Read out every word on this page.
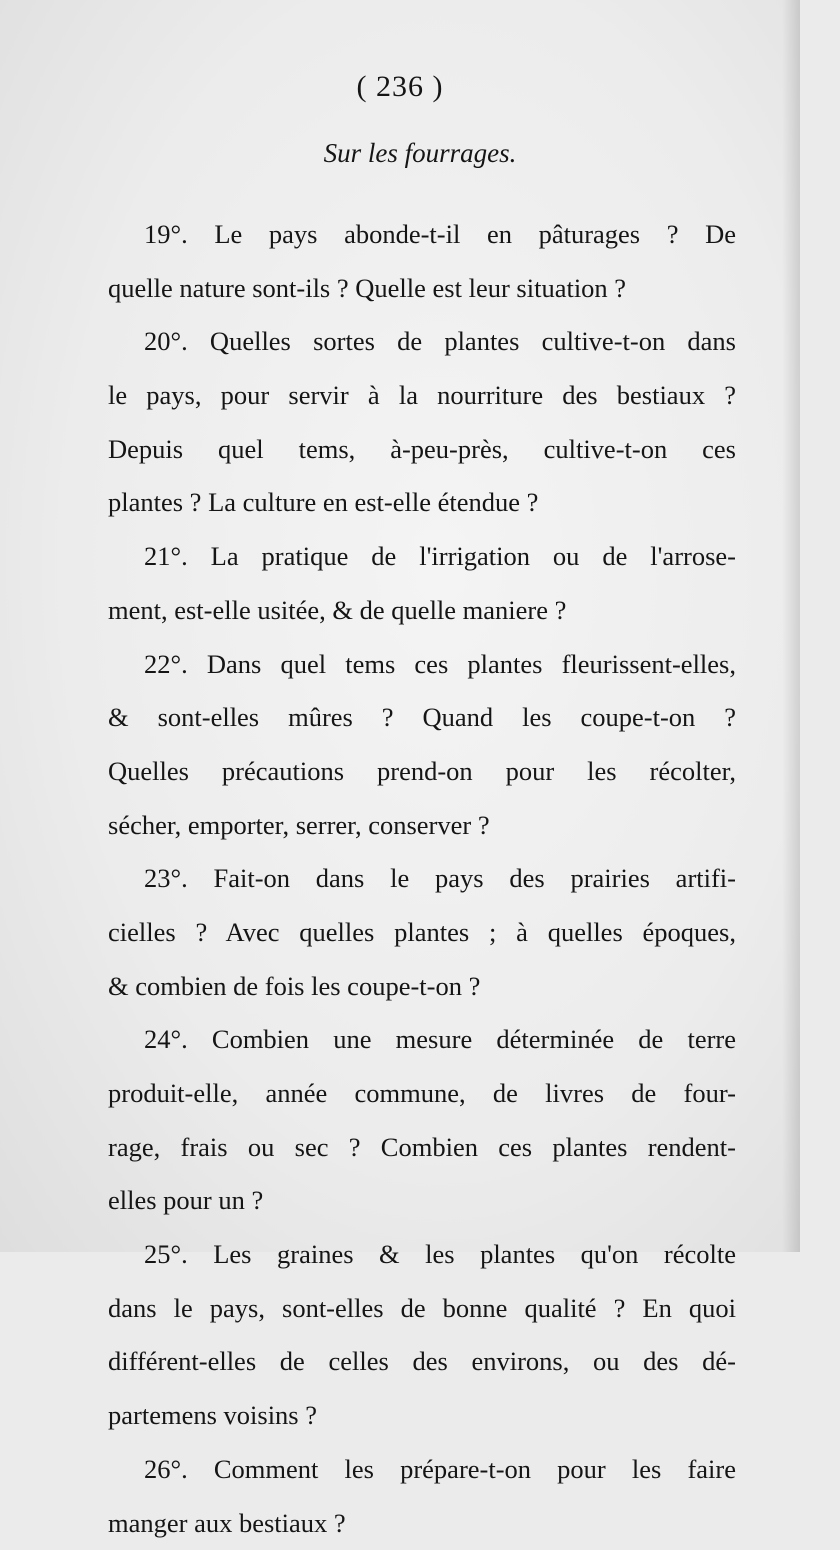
( 236 )
Sur les fourrages.
19°. Le pays abonde-t-il en pâturages ? De
quelle nature sont-ils ? Quelle est leur situation ?
20°. Quelles sortes de plantes cultive-t-on dans
le pays, pour servir à la nourriture des bestiaux ?
Depuis quel tems, à-peu-près, cultive-t-on ces
plantes ? La culture en est-elle étendue ?
21°. La pratique de l'irrigation ou de l'arrose-
ment, est-elle usitée, & de quelle maniere ?
22°. Dans quel tems ces plantes fleurissent-elles,
& sont-elles mûres ? Quand les coupe-t-on ?
Quelles précautions prend-on pour les récolter,
sécher, emporter, serrer, conserver ?
23°. Fait-on dans le pays des prairies artifi-
cielles ? Avec quelles plantes ; à quelles époques,
& combien de fois les coupe-t-on ?
24°. Combien une mesure déterminée de terre
produit-elle, année commune, de livres de four-
rage, frais ou sec ? Combien ces plantes rendent-
elles pour un ?
25°. Les graines & les plantes qu'on récolte
dans le pays, sont-elles de bonne qualité ? En quoi
différent-elles de celles des environs, ou des dé-
partemens voisins ?
26°. Comment les prépare-t-on pour les faire
manger aux bestiaux ?
